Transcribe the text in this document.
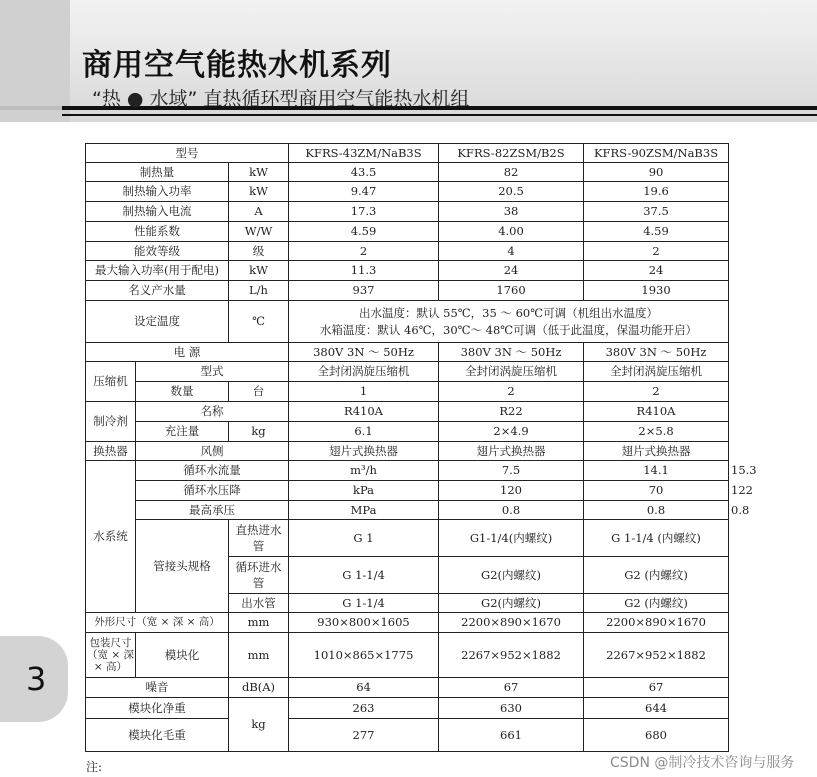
商用空气能热水机系列
“热 ● 水域” 直热循环型商用空气能热水机组
3
型号			KFRS-43ZM/NaB3S	KFRS-82ZSM/B2S	KFRS-90ZSM/NaB3S	
制热量		kW	43.5	82	90	
制热输入功率		kW	9.47	20.5	19.6	
制热输入电流		A	17.3	38	37.5	
性能系数		W/W	4.59	4.00	4.59	
能效等级		级	2	4	2	
最大输入功率(用于配电)		kW	11.3	24	24	
名义产水量		L/h	937	1760	1930	
设定温度		℃	出水温度：默认 55℃，35 ～ 60℃可调（机组出水温度）
水箱温度：默认 46℃，30℃～ 48℃可调（低于此温度，保温功能开启）			

电 源			380V 3N ～ 50Hz	380V 3N ～ 50Hz	380V 3N ～ 50Hz	
压缩机	型式		全封闭涡旋压缩机	全封闭涡旋压缩机	全封闭涡旋压缩机	
	数量	台	1	2	2	
制冷剂	名称		R410A	R22	R410A	
	充注量	kg	6.1	2×4.9	2×5.8	
换热器	风侧		翅片式换热器	翅片式换热器	翅片式换热器	
水系统	循环水流量		m³/h	7.5	14.1	15.3
	循环水压降		kPa	120	70	122
	最高承压		MPa	0.8	0.8	0.8
	管接头规格	直热进水管	G 1	G1-1/4(内螺纹)	G 1-1/4 (内螺纹)	
		循环进水管	G 1-1/4	G2(内螺纹)	G2 (内螺纹)	
		出水管	G 1-1/4	G2(内螺纹)	G2 (内螺纹)	
外形尺寸（宽 × 深 × 高）		mm	930×800×1605	2200×890×1670	2200×890×1670	
包装尺寸（宽 × 深 × 高）	模块化	mm	1010×865×1775	2267×952×1882	2267×952×1882	
噪音		dB(A)	64	67	67	
模块化净重		kg	263	630	644	
模块化毛重			277	661	680	
注:	CSDN @制冷技术咨询与服务
